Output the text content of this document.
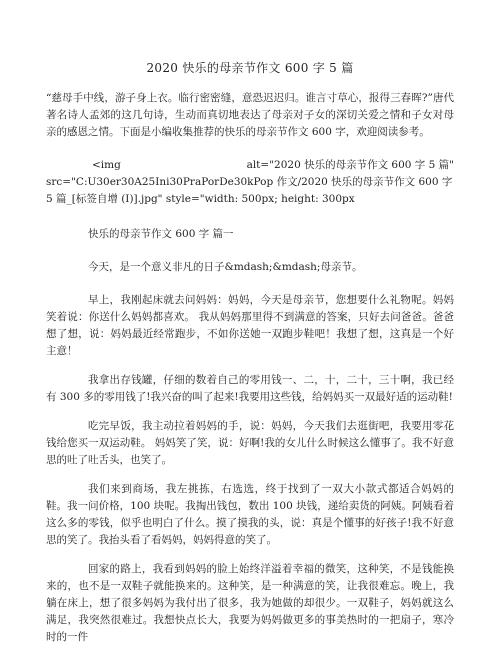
2020 快乐的母亲节作文 600 字 5 篇
“慈母手中线，游子身上衣。临行密密缝，意恐迟迟归。谁言寸草心，报得三春晖?”唐代著名诗人孟郊的这几句诗，生动而真切地表达了母亲对子女的深切关爱之情和子女对母亲的感恩之情。下面是小编收集推荐的快乐的母亲节作文 600 字，欢迎阅读参考。
<img	alt="2020 快乐的母亲节作文 600 字 5 篇"
src="C:U30er30A25Ini30PraPorDe30kPop 作文/2020 快乐的母亲节作文 600 字 5 篇_[标签自增 (I)].jpg" style="width: 500px; height: 300px
快乐的母亲节作文 600 字 篇一
今天，是一个意义非凡的日子&mdash;&mdash;母亲节。
早上，我刚起床就去问妈妈：妈妈，今天是母亲节，您想要什么礼物呢。妈妈笑着说：你送什么妈妈都喜欢。 我从妈妈那里得不到满意的答案，只好去问爸爸。爸爸想了想，说：妈妈最近经常跑步，不如你送她一双跑步鞋吧！我想了想，这真是一个好主意！
我拿出存钱罐，仔细的数着自己的零用钱一、二，十，二十，三十啊，我已经有 300 多的零用钱了!我兴奋的叫了起来!我要用这些钱，给妈妈买一双最好适的运动鞋!
吃完早饭，我主动拉着妈妈的手，说：妈妈，今天我们去逛街吧，我要用零花钱给您买一双运动鞋。 妈妈笑了笑，说：好啊!我的女儿什么时候这么懂事了。我不好意思的吐了吐舌头，也笑了。
我们来到商场，我左挑拣，右选选，终于找到了一双大小款式都适合妈妈的鞋。我一问价格，100 块呢。我掏出钱包，数出 100 块钱，递给卖货的阿姨。阿姨看着这么多的零钱，似乎也明白了什么。摸了摸我的头，说：真是个懂事的好孩子!我不好意思的笑了。我抬头看了看妈妈，妈妈得意的笑了。
回家的路上，我看到妈妈的脸上始终洋溢着幸福的微笑，这种笑，不是钱能换来的，也不是一双鞋子就能换来的。这种笑，是一种满意的笑，让我很难忘。晚上，我躺在床上，想了很多妈妈为我付出了很多，我为她做的却很少。一双鞋子，妈妈就这么满足，我突然很难过。我想快点长大，我要为妈妈做更多的事美热时的一把扇子，寒冷时的一件
